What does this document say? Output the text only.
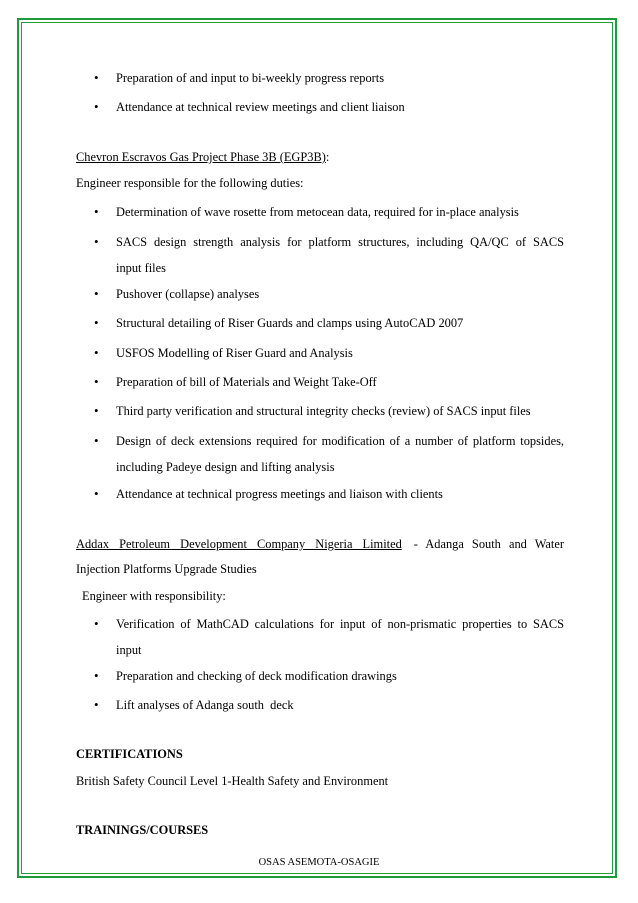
• Preparation of and input to bi-weekly progress reports
• Attendance at technical review meetings and client liaison
Chevron Escravos Gas Project Phase 3B (EGP3B):
Engineer responsible for the following duties:
• Determination of wave rosette from metocean data, required for in-place analysis
• SACS design strength analysis for platform structures, including QA/QC of SACS
input files
• Pushover (collapse) analyses
• Structural detailing of Riser Guards and clamps using AutoCAD 2007
• USFOS Modelling of Riser Guard and Analysis
• Preparation of bill of Materials and Weight Take-Off
• Third party verification and structural integrity checks (review) of SACS input files
• Design of deck extensions required for modification of a number of platform topsides,
including Padeye design and lifting analysis
• Attendance at technical progress meetings and liaison with clients
Addax Petroleum Development Company Nigeria Limited - Adanga South and Water
Injection Platforms Upgrade Studies
Engineer with responsibility:
• Verification of MathCAD calculations for input of non-prismatic properties to SACS
input
• Preparation and checking of deck modification drawings
• Lift analyses of Adanga south  deck
CERTIFICATIONS
British Safety Council Level 1-Health Safety and Environment
TRAININGS/COURSES
OSAS ASEMOTA-OSAGIE
